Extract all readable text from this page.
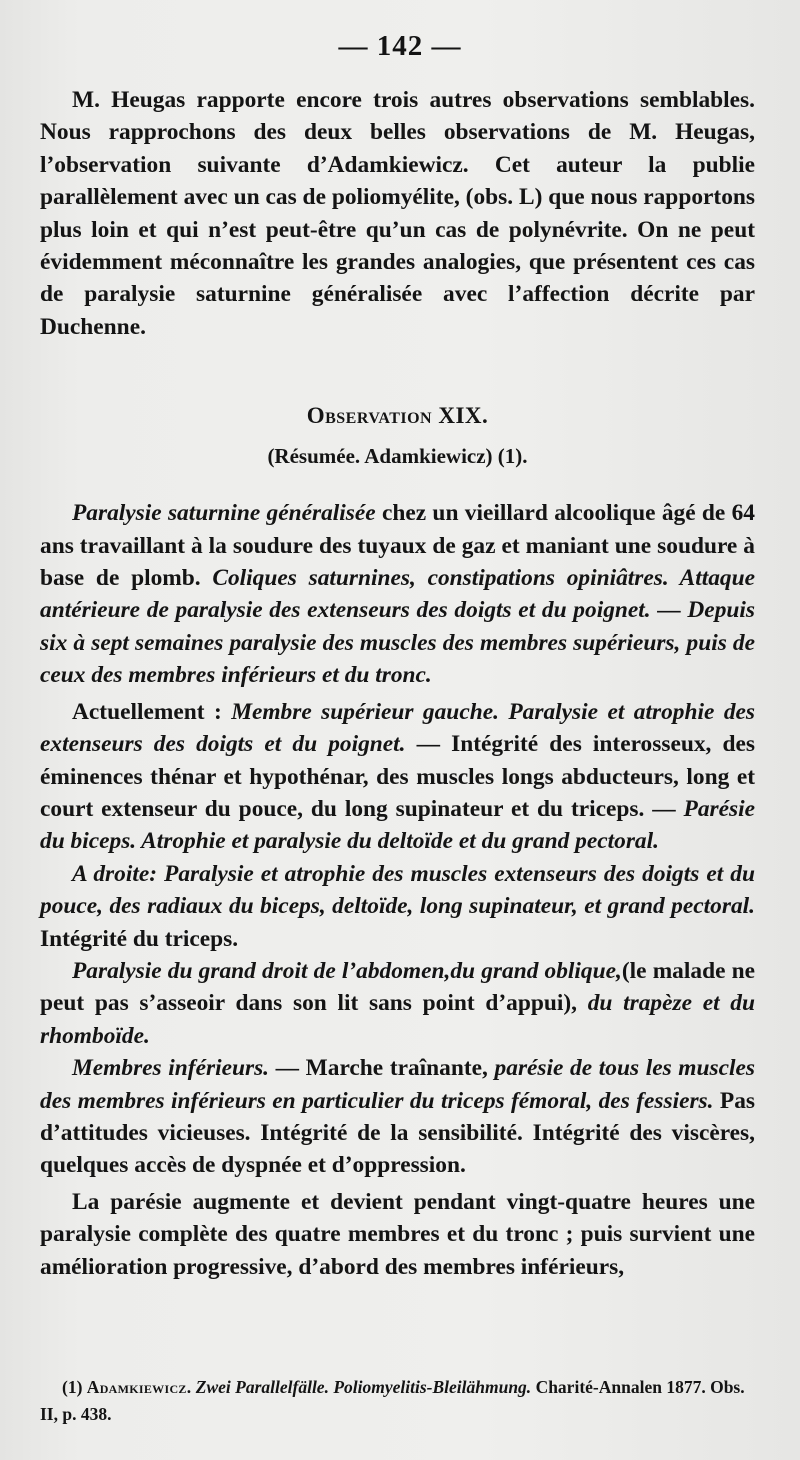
— 142 —

M. Heugas rapporte encore trois autres observations semblables. Nous rapprochons des deux belles observations de M. Heugas, l’observation suivante d’Adamkiewicz. Cet auteur la publie parallèlement avec un cas de poliomyélite, (obs. L) que nous rapportons plus loin et qui n’est peut-être qu’un cas de polynévrite. On ne peut évidemment méconnaître les grandes analogies, que présentent ces cas de paralysie saturnine généralisée avec l’affection décrite par Duchenne.

Observation XIX.
(Résumée. Adamkiewicz) (1).

Paralysie saturnine généralisée chez un vieillard alcoolique âgé de 64 ans travaillant à la soudure des tuyaux de gaz et maniant une soudure à base de plomb. Coliques saturnines, constipations opiniâtres. Attaque antérieure de paralysie des extenseurs des doigts et du poignet. — Depuis six à sept semaines paralysie des muscles des membres supérieurs, puis de ceux des membres inférieurs et du tronc.

Actuellement : Membre supérieur gauche. Paralysie et atrophie des extenseurs des doigts et du poignet. — Intégrité des interosseux, des éminences thénar et hypothénar, des muscles longs abducteurs, long et court extenseur du pouce, du long supinateur et du triceps. — Parésie du biceps. Atrophie et paralysie du deltoïde et du grand pectoral.

A droite: Paralysie et atrophie des muscles extenseurs des doigts et du pouce, des radiaux du biceps, deltoïde, long supinateur, et grand pectoral. Intégrité du triceps.

Paralysie du grand droit de l’abdomen,du grand oblique,(le malade ne peut pas s’asseoir dans son lit sans point d’appui), du trapèze et du rhomboïde.

Membres inférieurs. — Marche traînante, parésie de tous les muscles des membres inférieurs en particulier du triceps fémoral, des fessiers. Pas d’attitudes vicieuses. Intégrité de la sensibilité. Intégrité des viscères, quelques accès de dyspnée et d’oppression.

La parésie augmente et devient pendant vingt-quatre heures une paralysie complète des quatre membres et du tronc ; puis survient une amélioration progressive, d’abord des membres inférieurs,

(1) Adamkiewicz. Zwei Parallelfälle. Poliomyelitis-Bleilähmung. Charité-Annalen 1877. Obs. II, p. 438.
